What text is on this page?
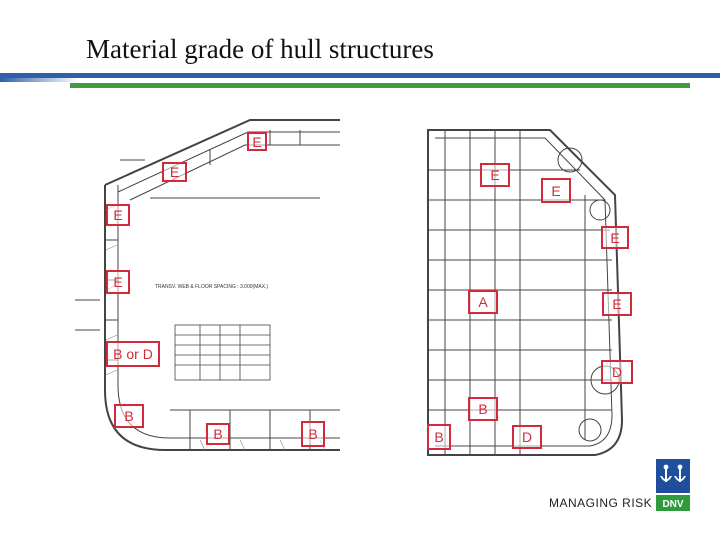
Material grade of hull structures
TRANSV. WEB & FLOOR SPACING : 3.000(MAX.)
E
E	E
E
E
E
A	E
B or D
D
B	B
B	B
E
B	D
MANAGING RISK DNV
